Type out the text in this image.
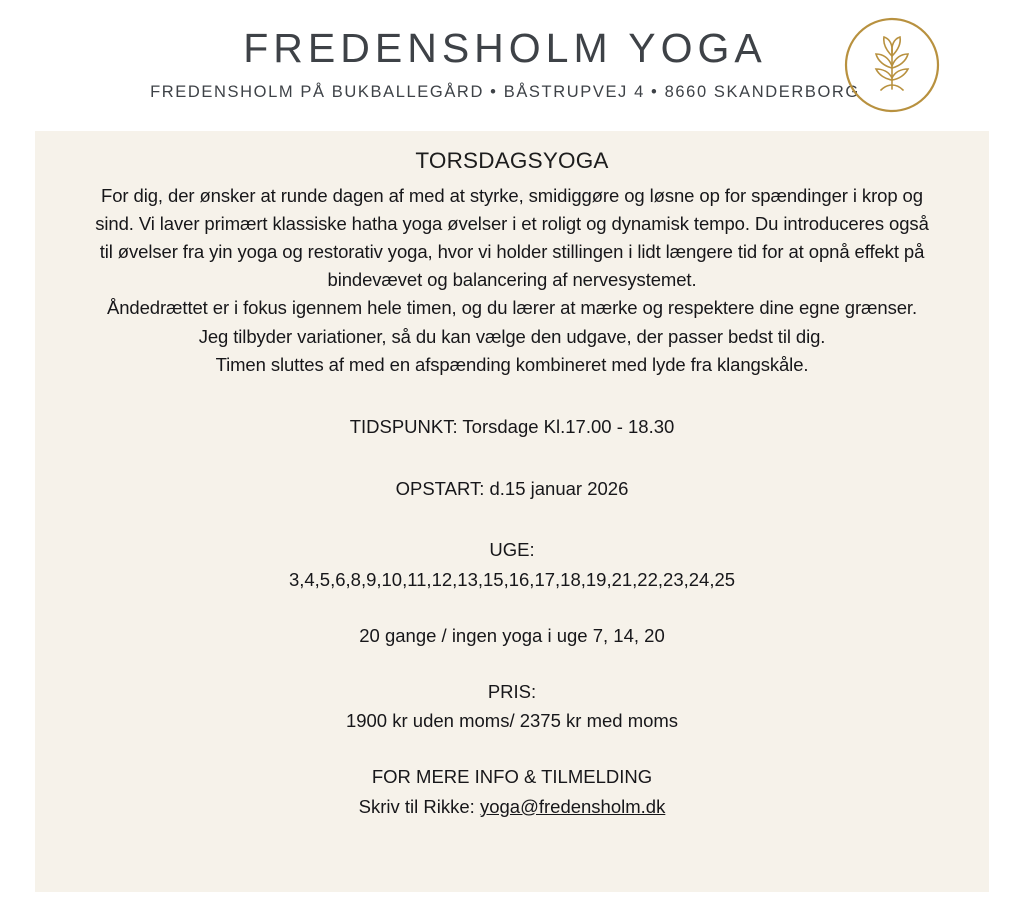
FREDENSHOLM YOGA
FREDENSHOLM PÅ BUKBALLEGÅRD • BÅSTRUPVEJ 4 • 8660 SKANDERBORG
TORSDAGSYOGA
For dig, der ønsker at runde dagen af med at styrke, smidiggøre og løsne op for spændinger i krop og sind. Vi laver primært klassiske hatha yoga øvelser i et roligt og dynamisk tempo. Du introduceres også til øvelser fra yin yoga og restorativ yoga, hvor vi holder stillingen i lidt længere tid for at opnå effekt på bindevævet og balancering af nervesystemet.
Åndedrættet er i fokus igennem hele timen, og du lærer at mærke og respektere dine egne grænser.
Jeg tilbyder variationer, så du kan vælge den udgave, der passer bedst til dig.
Timen sluttes af med en afspænding kombineret med lyde fra klangskåle.
TIDSPUNKT: Torsdage Kl.17.00 - 18.30
OPSTART: d.15 januar 2026
UGE:
3,4,5,6,8,9,10,11,12,13,15,16,17,18,19,21,22,23,24,25
20 gange / ingen yoga i uge 7, 14, 20
PRIS:
1900 kr uden moms/ 2375 kr med moms
FOR MERE INFO & TILMELDING
Skriv til Rikke: yoga@fredensholm.dk
